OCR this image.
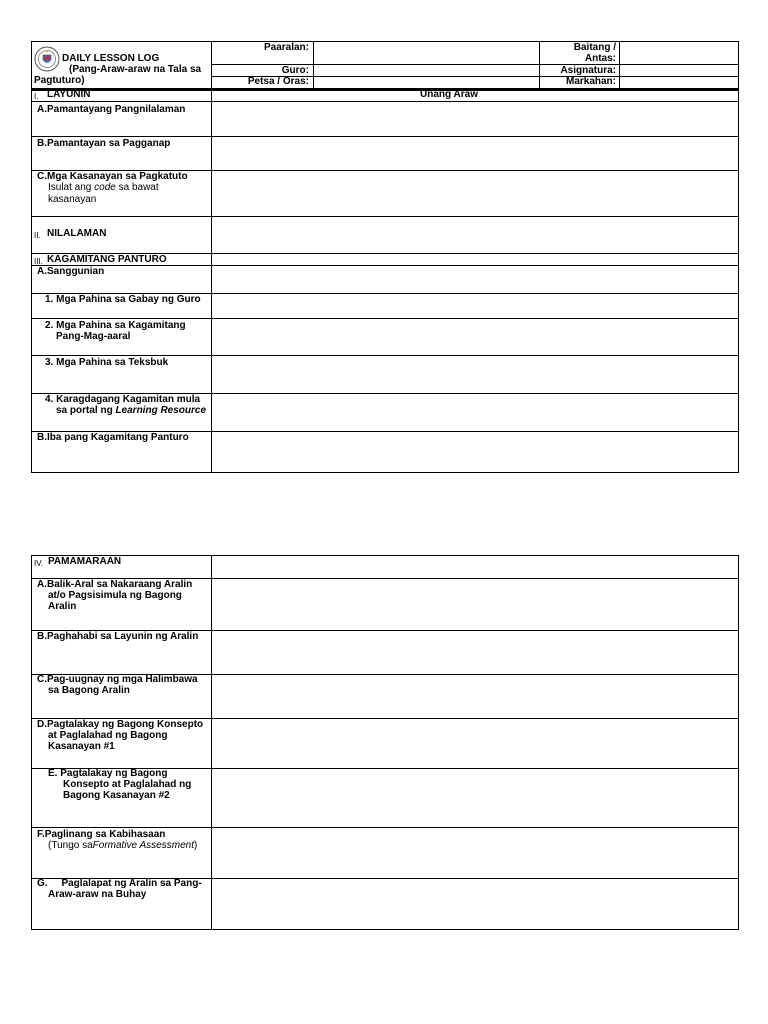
DAILY LESSON LOG
(Pang-Araw-araw na Tala sa
Pagtuturo)
Paaralan:
Guro:
Petsa / Oras:
Baitang /
Antas:
Asignatura:
Markahan:
I. LAYUNIN	Unang Araw
A.Pamantayang Pangnilalaman
B.Pamantayan sa Pagganap
C.Mga Kasanayan sa Pagkatuto
Isulat ang code sa bawat
kasanayan
II. NILALAMAN
III. KAGAMITANG PANTURO
A.Sanggunian
1. Mga Pahina sa Gabay ng Guro
2. Mga Pahina sa Kagamitang
Pang-Mag-aaral
3. Mga Pahina sa Teksbuk
4. Karagdagang Kagamitan mula
sa portal ng Learning Resource
B.Iba pang Kagamitang Panturo
IV. PAMAMARAAN
A.Balik-Aral sa Nakaraang Aralin
at/o Pagsisimula ng Bagong
Aralin
B.Paghahabi sa Layunin ng Aralin
C.Pag-uugnay ng mga Halimbawa
sa Bagong Aralin
D.Pagtalakay ng Bagong Konsepto
at Paglalahad ng Bagong
Kasanayan #1
E. Pagtalakay ng Bagong
Konsepto at Paglalahad ng
Bagong Kasanayan #2
F.Paglinang sa Kabihasaan
(Tungo saFormative Assessment)
G.     Paglalapat ng Aralin sa Pang-
Araw-araw na Buhay
